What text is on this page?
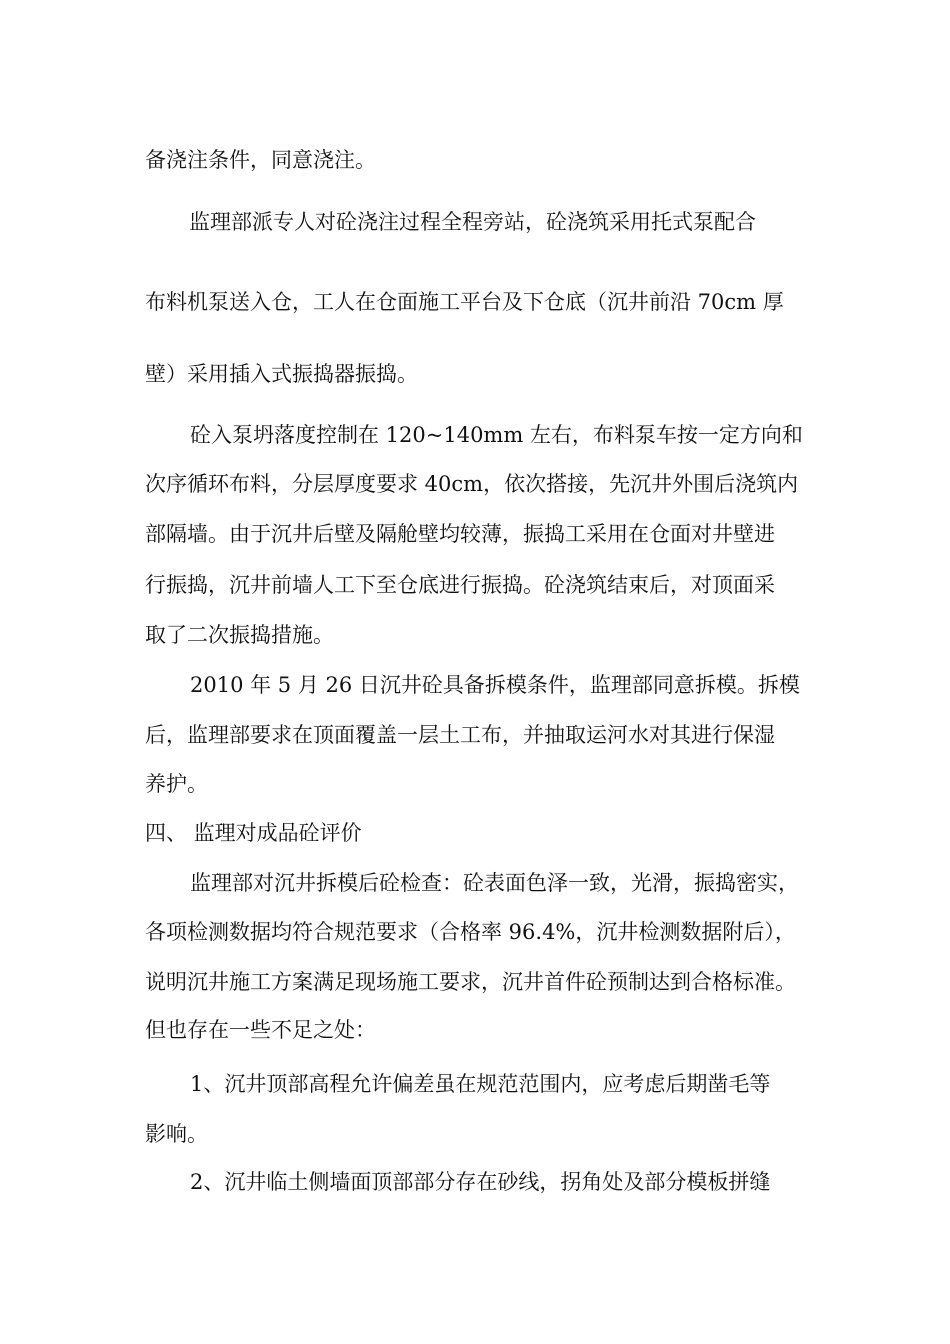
备浇注条件，同意浇注。

监理部派专人对砼浇注过程全程旁站，砼浇筑采用托式泵配合

布料机泵送入仓，工人在仓面施工平台及下仓底（沉井前沿 70cm 厚

壁）采用插入式振捣器振捣。

砼入泵坍落度控制在 120~140mm 左右，布料泵车按一定方向和

次序循环布料，分层厚度要求 40cm，依次搭接，先沉井外围后浇筑内

部隔墙。由于沉井后壁及隔舱壁均较薄，振捣工采用在仓面对井壁进

行振捣，沉井前墙人工下至仓底进行振捣。砼浇筑结束后，对顶面采

取了二次振捣措施。

2010 年 5 月 26 日沉井砼具备拆模条件，监理部同意拆模。拆模

后，监理部要求在顶面覆盖一层土工布，并抽取运河水对其进行保湿

养护。

四、 监理对成品砼评价

监理部对沉井拆模后砼检查：砼表面色泽一致，光滑，振捣密实，

各项检测数据均符合规范要求（合格率 96.4%，沉井检测数据附后），

说明沉井施工方案满足现场施工要求，沉井首件砼预制达到合格标准。

但也存在一些不足之处：

1、沉井顶部高程允许偏差虽在规范范围内，应考虑后期凿毛等

影响。

2、沉井临土侧墙面顶部部分存在砂线，拐角处及部分模板拼缝
